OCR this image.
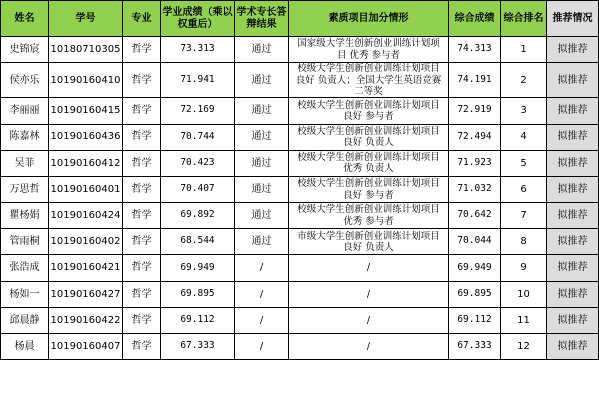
姓名	学号	专业	学业成绩（乘以权重后）	学术专长答辩结果	素质项目加分情形	综合成绩	综合排名	推荐情况
史锦宸	10180710305	哲学	73.313	通过	国家级大学生创新创业训练计划项目 优秀 参与者	74.313	1	拟推荐
侯亦乐	10190160410	哲学	71.941	通过	校级大学生创新创业训练计划项目 良好 负责人；全国大学生英语竞赛 二等奖	74.191	2	拟推荐
李丽丽	10190160415	哲学	72.169	通过	校级大学生创新创业训练计划项目 良好 参与者	72.919	3	拟推荐
陈嘉林	10190160436	哲学	70.744	通过	校级大学生创新创业训练计划项目 良好 负责人	72.494	4	拟推荐
吴菲	10190160412	哲学	70.423	通过	校级大学生创新创业训练计划项目 优秀 负责人	71.923	5	拟推荐
万思哲	10190160401	哲学	70.407	通过	校级大学生创新创业训练计划项目 良好 参与者	71.032	6	拟推荐
瞿杨娟	10190160424	哲学	69.892	通过	校级大学生创新创业训练计划项目 优秀 参与者	70.642	7	拟推荐
管雨桐	10190160402	哲学	68.544	通过	市级大学生创新创业训练计划项目 良好 负责人	70.044	8	拟推荐
张浩成	10190160421	哲学	69.949	/	/	69.949	9	拟推荐
杨如一	10190160427	哲学	69.895	/	/	69.895	10	拟推荐
邱晨静	10190160422	哲学	69.112	/	/	69.112	11	拟推荐
杨晨	10190160407	哲学	67.333	/	/	67.333	12	拟推荐
